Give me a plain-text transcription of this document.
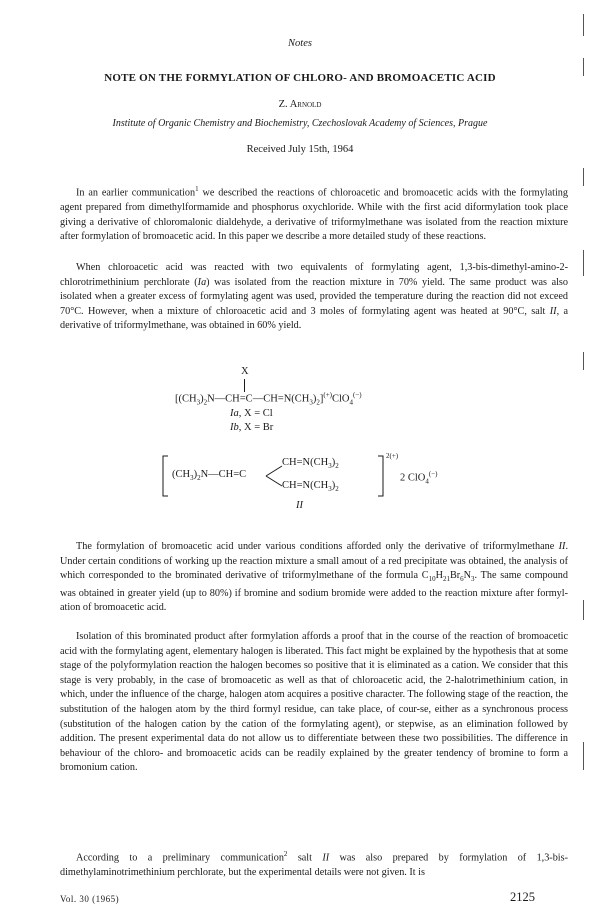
Notes
NOTE ON THE FORMYLATION OF CHLORO- AND BROMOACETIC ACID
Z. Arnold
Institute of Organic Chemistry and Biochemistry, Czechoslovak Academy of Sciences, Prague
Received July 15th, 1964
In an earlier communication$^1$ we described the reactions of chloroacetic and bromoacetic acids with the formylating agent prepared from dimethylformamide and phosphorus oxychloride. While with the first acid diformylation took place giving a derivative of chloromalonic dialdehyde, a derivative of triformylmethane was isolated from the reaction mixture after formylation of bromoacetic acid. In this paper we describe a more detailed study of these reactions.
When chloroacetic acid was reacted with two equivalents of formylating agent, 1,3-bis-dimethyl-amino-2-chlorotrimethinium perchlorate (Ia) was isolated from the reaction mixture in 70% yield. The same product was also isolated when a greater excess of formylating agent was used, provided the temperature during the reaction did not exceed 70°C. However, when a mixture of chloroacetic acid and 3 moles of formylating agent was heated at 90°C, salt II, a derivative of triformylmethane, was obtained in 60% yield.
X
$[(CH_3)_2N—CH=C—CH=N(CH_3)_2]^{(+)}ClO_4^{(-)}$
Ia, X = Cl
Ib, X = Br
$(CH_3)_2N—CH=C$
$CH=N(CH_3)_2$
$CH=N(CH_3)_2$
2(+)
2 ClO$_4$(−)
II
The formylation of bromoacetic acid under various conditions afforded only the derivative of triformylmethane II. Under certain conditions of working up the reaction mixture a small amout of a red precipitate was obtained, the analysis of which corresponded to the brominated derivative of triformylmethane of the formula $C_{10}H_{21}Br_6N_3$. The same compound was obtained in greater yield (up to 80%) if bromine and sodium bromide were added to the reaction mixture after formyl-ation of bromoacetic acid.
Isolation of this brominated product after formylation affords a proof that in the course of the reaction of bromoacetic acid with the formylating agent, elementary halogen is liberated. This fact might be explained by the hypothesis that at some stage of the polyformylation reaction the halogen becomes so positive that it is eliminated as a cation. We consider that this stage is very probably, in the case of bromoacetic as well as that of chloroacetic acid, the 2-halotrimethinium cation, in which, under the influence of the charge, halogen atom acquires a positive character. The following stage of the reaction, the substitution of the halogen atom by the third formyl residue, can take place, of cour-se, either as a synchronous process (substitution of the halogen cation by the cation of the formylating agent), or stepwise, as an elimination followed by addition. The present experimental data do not allow us to differentiate between these two possibilities. The difference in behaviour of the chloro- and bromoacetic acids can be readily explained by the greater tendency of bromine to form a bromonium cation.
According to a preliminary communication$^2$ salt II was also prepared by formylation of 1,3-bis-dimethylaminotrimethinium perchlorate, but the experimental details were not given. It is
Vol. 30 (1965)	2125
